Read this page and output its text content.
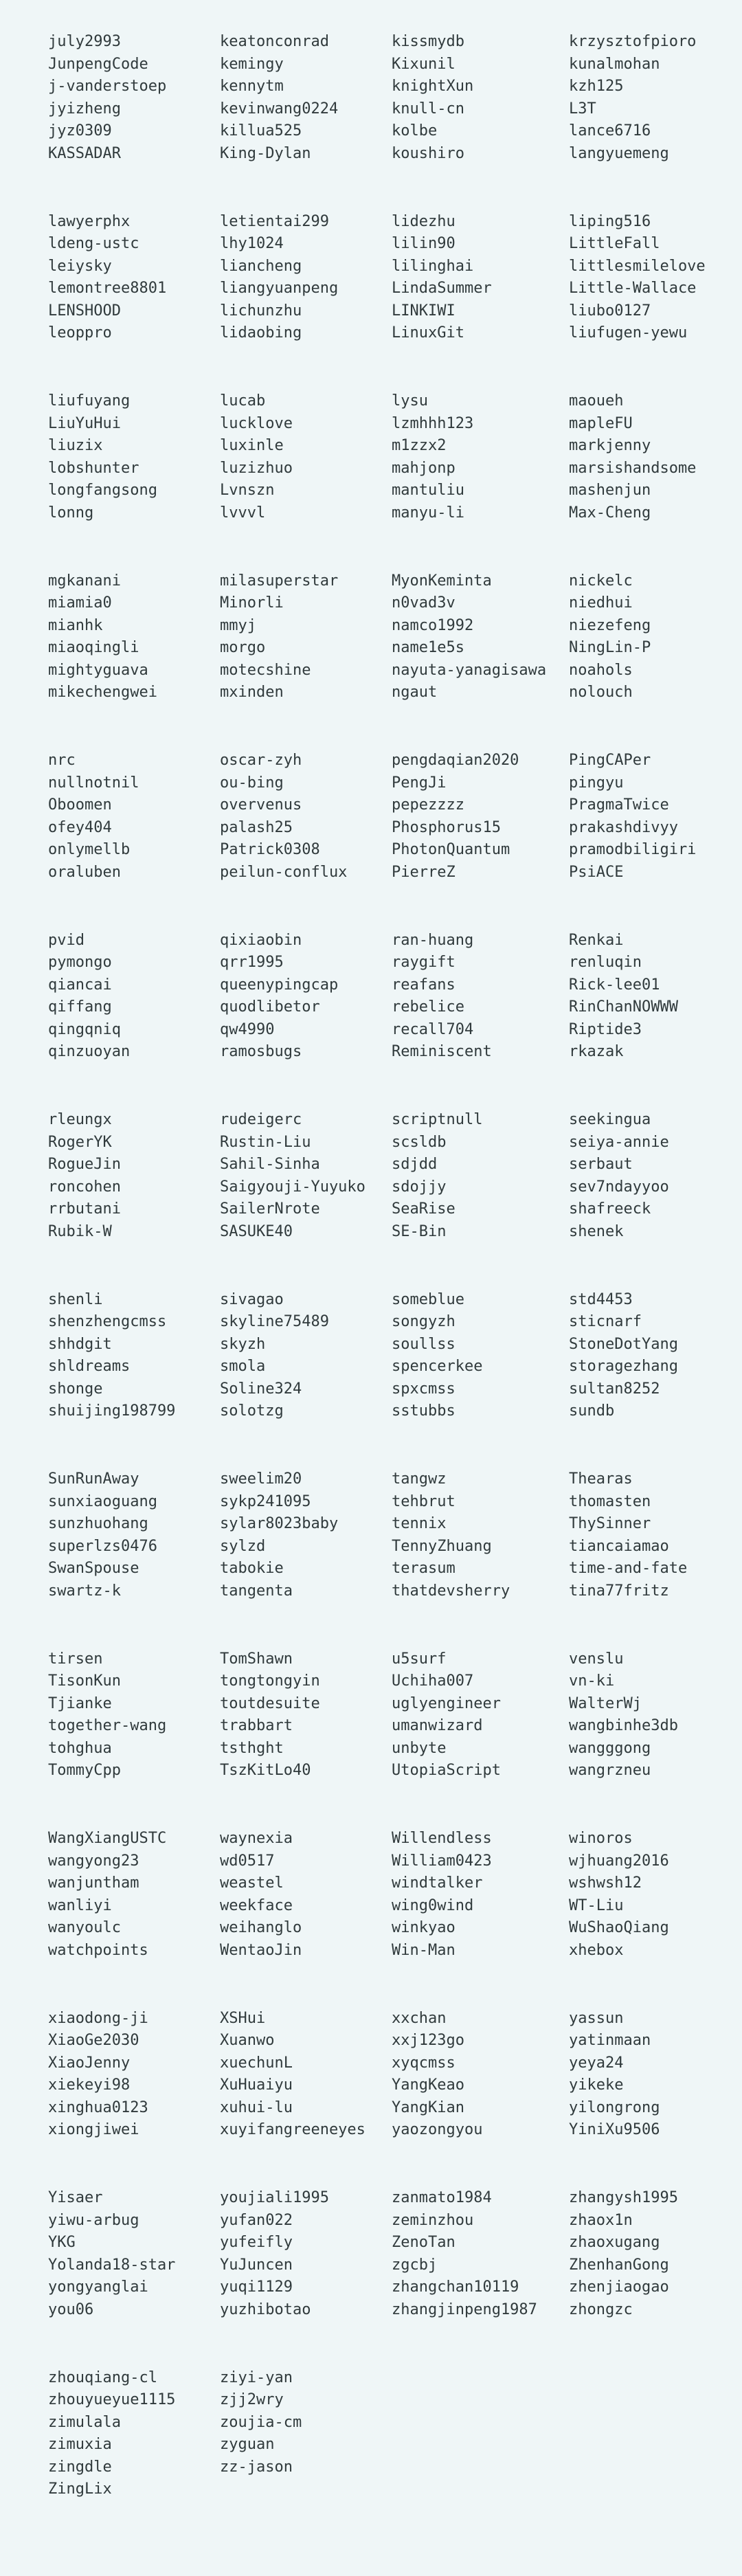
july2993	keatonconrad	kissmydb	krzysztofpioro
JunpengCode	kemingy	Kixunil	kunalmohan
j-vanderstoep	kennytm	knightXun	kzh125
jyizheng	kevinwang0224	knull-cn	L3T
jyz0309	killua525	kolbe	lance6716
KASSADAR	King-Dylan	koushiro	langyuemeng
lawyerphx	letientai299	lidezhu	liping516
ldeng-ustc	lhy1024	lilin90	LittleFall
leiysky	liancheng	lilinghai	littlesmilelove
lemontree8801	liangyuanpeng	LindaSummer	Little-Wallace
LENSHOOD	lichunzhu	LINKIWI	liubo0127
leoppro	lidaobing	LinuxGit	liufugen-yewu
liufuyang	lucab	lysu	maoueh
LiuYuHui	lucklove	lzmhhh123	mapleFU
liuzix	luxinle	m1zzx2	markjenny
lobshunter	luzizhuo	mahjonp	marsishandsome
longfangsong	Lvnszn	mantuliu	mashenjun
lonng	lvvvl	manyu-li	Max-Cheng
mgkanani	milasuperstar	MyonKeminta	nickelc
miamia0	Minorli	n0vad3v	niedhui
mianhk	mmyj	namco1992	niezefeng
miaoqingli	morgo	name1e5s	NingLin-P
mightyguava	motecshine	nayuta-yanagisawa noahols
mikechengwei	mxinden	ngaut	nolouch
nrc	oscar-zyh	pengdaqian2020	PingCAPer
nullnotnil	ou-bing	PengJi	pingyu
Oboomen	overvenus	pepezzzz	PragmaTwice
ofey404	palash25	Phosphorus15	prakashdivyy
onlymellb	Patrick0308	PhotonQuantum	pramodbiligiri
oraluben	peilun-conflux	PierreZ	PsiACE
pvid	qixiaobin	ran-huang	Renkai
pymongo	qrr1995	raygift	renluqin
qiancai	queenypingcap	reafans	Rick-lee01
qiffang	quodlibetor	rebelice	RinChanNOWWW
qingqniq	qw4990	recall704	Riptide3
qinzuoyan	ramosbugs	Reminiscent	rkazak
rleungx	rudeigerc	scriptnull	seekingua
RogerYK	Rustin-Liu	scsldb	seiya-annie
RogueJin	Sahil-Sinha	sdjdd	serbaut
roncohen	Saigyouji-Yuyuko sdojjy	sev7ndayyoo
rrbutani	SailerNrote	SeaRise	shafreeck
Rubik-W	SASUKE40	SE-Bin	shenek
shenli	sivagao	someblue	std4453
shenzhengcmss	skyline75489	songyzh	sticnarf
shhdgit	skyzh	soullss	StoneDotYang
shldreams	smola	spencerkee	storagezhang
shonge	Soline324	spxcmss	sultan8252
shuijing198799	solotzg	sstubbs	sundb
SunRunAway	sweelim20	tangwz	Thearas
sunxiaoguang	sykp241095	tehbrut	thomasten
sunzhuohang	sylar8023baby	tennix	ThySinner
superlzs0476	sylzd	TennyZhuang	tiancaiamao
SwanSpouse	tabokie	terasum	time-and-fate
swartz-k	tangenta	thatdevsherry	tina77fritz
tirsen	TomShawn	u5surf	venslu
TisonKun	tongtongyin	Uchiha007	vn-ki
Tjianke	toutdesuite	uglyengineer	WalterWj
together-wang	trabbart	umanwizard	wangbinhe3db
tohghua	tsthght	unbyte	wangggong
TommyCpp	TszKitLo40	UtopiaScript	wangrzneu
WangXiangUSTC	waynexia	Willendless	winoros
wangyong23	wd0517	William0423	wjhuang2016
wanjuntham	weastel	windtalker	wshwsh12
wanliyi	weekface	wing0wind	WT-Liu
wanyoulc	weihanglo	winkyao	WuShaoQiang
watchpoints	WentaoJin	Win-Man	xhebox
xiaodong-ji	XSHui	xxchan	yassun
XiaoGe2030	Xuanwo	xxj123go	yatinmaan
XiaoJenny	xuechunL	xyqcmss	yeya24
xiekeyi98	XuHuaiyu	YangKeao	yikeke
xinghua0123	xuhui-lu	YangKian	yilongrong
xiongjiwei	xuyifangreeneyes yaozongyou	YiniXu9506
Yisaer	youjiali1995	zanmato1984	zhangysh1995
yiwu-arbug	yufan022	zeminzhou	zhaox1n
YKG	yufeifly	ZenoTan	zhaoxugang
Yolanda18-star	YuJuncen	zgcbj	ZhenhanGong
yongyanglai	yuqi1129	zhangchan10119	zhenjiaogao
you06	yuzhibotao	zhangjinpeng1987 zhongzc
zhouqiang-cl	ziyi-yan
zhouyueyue1115	zjj2wry
zimulala	zoujia-cm
zimuxia	zyguan
zingdle	zz-jason
ZingLix
